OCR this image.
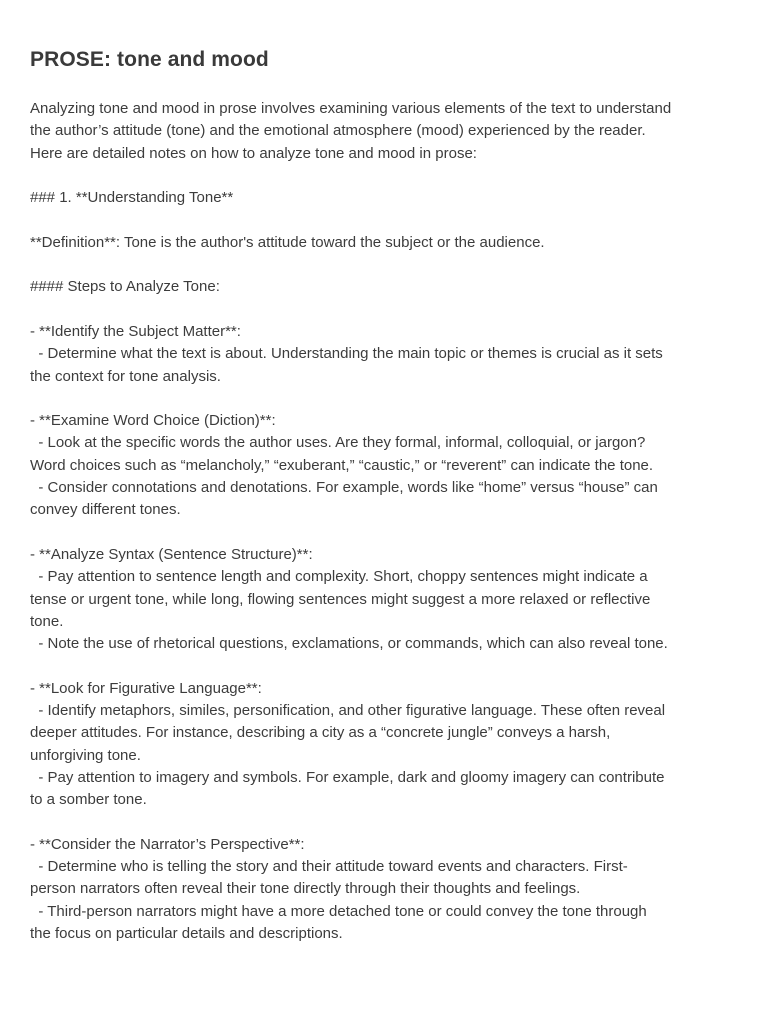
PROSE: tone and mood
Analyzing tone and mood in prose involves examining various elements of the text to understand
the author’s attitude (tone) and the emotional atmosphere (mood) experienced by the reader.
Here are detailed notes on how to analyze tone and mood in prose:
### 1. **Understanding Tone**
**Definition**: Tone is the author's attitude toward the subject or the audience.
#### Steps to Analyze Tone:
- **Identify the Subject Matter**:
- Determine what the text is about. Understanding the main topic or themes is crucial as it sets
the context for tone analysis.
- **Examine Word Choice (Diction)**:
- Look at the specific words the author uses. Are they formal, informal, colloquial, or jargon?
Word choices such as “melancholy,” “exuberant,” “caustic,” or “reverent” can indicate the tone.
- Consider connotations and denotations. For example, words like “home” versus “house” can
convey different tones.
- **Analyze Syntax (Sentence Structure)**:
- Pay attention to sentence length and complexity. Short, choppy sentences might indicate a
tense or urgent tone, while long, flowing sentences might suggest a more relaxed or reflective
tone.
- Note the use of rhetorical questions, exclamations, or commands, which can also reveal tone.
- **Look for Figurative Language**:
- Identify metaphors, similes, personification, and other figurative language. These often reveal
deeper attitudes. For instance, describing a city as a “concrete jungle” conveys a harsh,
unforgiving tone.
- Pay attention to imagery and symbols. For example, dark and gloomy imagery can contribute
to a somber tone.
- **Consider the Narrator’s Perspective**:
- Determine who is telling the story and their attitude toward events and characters. First-
person narrators often reveal their tone directly through their thoughts and feelings.
- Third-person narrators might have a more detached tone or could convey the tone through
the focus on particular details and descriptions.
